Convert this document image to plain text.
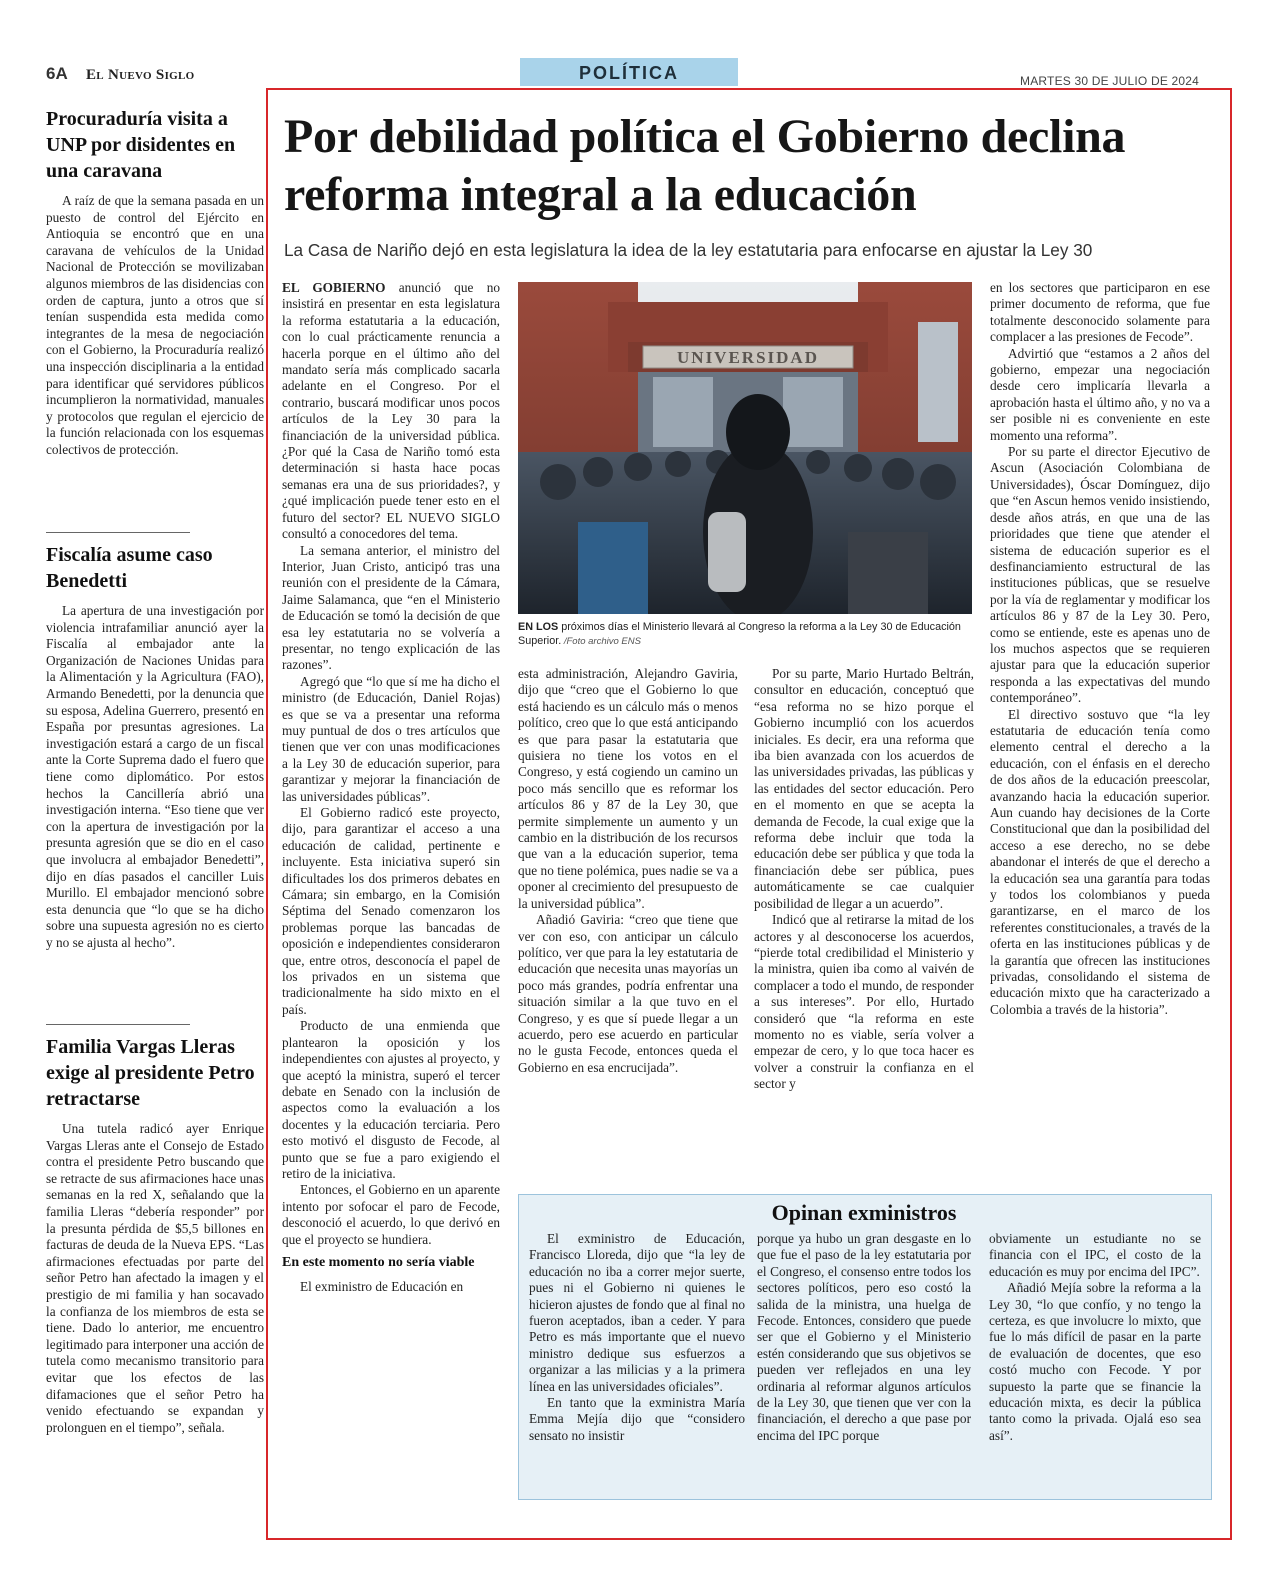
6A El Nuevo Siglo	POLÍTICA	MARTES 30 DE JULIO DE 2024
Procuraduría visita a UNP por disidentes en una caravana

A raíz de que la semana pasada en un puesto de control del Ejército en Antioquia se encontró que en una caravana de vehículos de la Unidad Nacional de Protección se movilizaban algunos miembros de las disidencias con orden de captura, junto a otros que sí tenían suspendida esta medida como integrantes de la mesa de negociación con el Gobierno, la Procuraduría realizó una inspección disciplinaria a la entidad para identificar qué servidores públicos incumplieron la normatividad, manuales y protocolos que regulan el ejercicio de la función relacionada con los esquemas colectivos de protección.

Fiscalía asume caso Benedetti

La apertura de una investigación por violencia intrafamiliar anunció ayer la Fiscalía al embajador ante la Organización de Naciones Unidas para la Alimentación y la Agricultura (FAO), Armando Benedetti, por la denuncia que su esposa, Adelina Guerrero, presentó en España por presuntas agresiones. La investigación estará a cargo de un fiscal ante la Corte Suprema dado el fuero que tiene como diplomático. Por estos hechos la Cancillería abrió una investigación interna. “Eso tiene que ver con la apertura de investigación por la presunta agresión que se dio en el caso que involucra al embajador Benedetti”, dijo en días pasados el canciller Luis Murillo. El embajador mencionó sobre esta denuncia que “lo que se ha dicho sobre una supuesta agresión no es cierto y no se ajusta al hecho”.

Familia Vargas Lleras exige al presidente Petro retractarse

Una tutela radicó ayer Enrique Vargas Lleras ante el Consejo de Estado contra el presidente Petro buscando que se retracte de sus afirmaciones hace unas semanas en la red X, señalando que la familia Lleras “debería responder” por la presunta pérdida de $5,5 billones en facturas de deuda de la Nueva EPS. “Las afirmaciones efectuadas por parte del señor Petro han afectado la imagen y el prestigio de mi familia y han socavado la confianza de los miembros de esta se tiene. Dado lo anterior, me encuentro legitimado para interponer una acción de tutela como mecanismo transitorio para evitar que los efectos de las difamaciones que el señor Petro ha venido efectuando se expandan y prolonguen en el tiempo”, señala.

Por debilidad política el Gobierno declina reforma integral a la educación

La Casa de Nariño dejó en esta legislatura la idea de la ley estatutaria para enfocarse en ajustar la Ley 30

EL GOBIERNO anunció que no insistirá en presentar en esta legislatura la reforma estatutaria a la educación, con lo cual prácticamente renuncia a hacerla porque en el último año del mandato sería más complicado sacarla adelante en el Congreso. Por el contrario, buscará modificar unos pocos artículos de la Ley 30 para la financiación de la universidad pública. ¿Por qué la Casa de Nariño tomó esta determinación si hasta hace pocas semanas era una de sus prioridades?, y ¿qué implicación puede tener esto en el futuro del sector? EL NUEVO SIGLO consultó a conocedores del tema.

La semana anterior, el ministro del Interior, Juan Cristo, anticipó tras una reunión con el presidente de la Cámara, Jaime Salamanca, que “en el Ministerio de Educación se tomó la decisión de que esa ley estatutaria no se volvería a presentar, no tengo explicación de las razones”.

Agregó que “lo que sí me ha dicho el ministro (de Educación, Daniel Rojas) es que se va a presentar una reforma muy puntual de dos o tres artículos que tienen que ver con unas modificaciones a la Ley 30 de educación superior, para garantizar y mejorar la financiación de las universidades públicas”.

El Gobierno radicó este proyecto, dijo, para garantizar el acceso a una educación de calidad, pertinente e incluyente. Esta iniciativa superó sin dificultades los dos primeros debates en Cámara; sin embargo, en la Comisión Séptima del Senado comenzaron los problemas porque las bancadas de oposición e independientes consideraron que, entre otros, desconocía el papel de los privados en un sistema que tradicionalmente ha sido mixto en el país.

Producto de una enmienda que plantearon la oposición y los independientes con ajustes al proyecto, y que aceptó la ministra, superó el tercer debate en Senado con la inclusión de aspectos como la evaluación a los docentes y la educación terciaria. Pero esto motivó el disgusto de Fecode, al punto que se fue a paro exigiendo el retiro de la iniciativa.

Entonces, el Gobierno en un aparente intento por sofocar el paro de Fecode, desconoció el acuerdo, lo que derivó en que el proyecto se hundiera.

En este momento no sería viable

El exministro de Educación en

UNIVERSIDAD
EN LOS próximos días el Ministerio llevará al Congreso la reforma a la Ley 30 de Educación Superior. /Foto archivo ENS

esta administración, Alejandro Gaviria, dijo que “creo que el Gobierno lo que está haciendo es un cálculo más o menos político, creo que lo que está anticipando es que para pasar la estatutaria que quisiera no tiene los votos en el Congreso, y está cogiendo un camino un poco más sencillo que es reformar los artículos 86 y 87 de la Ley 30, que permite simplemente un aumento y un cambio en la distribución de los recursos que van a la educación superior, tema que no tiene polémica, pues nadie se va a oponer al crecimiento del presupuesto de la universidad pública”.

Añadió Gaviria: “creo que tiene que ver con eso, con anticipar un cálculo político, ver que para la ley estatutaria de educación que necesita unas mayorías un poco más grandes, podría enfrentar una situación similar a la que tuvo en el Congreso, y es que sí puede llegar a un acuerdo, pero ese acuerdo en particular no le gusta Fecode, entonces queda el Gobierno en esa encrucijada”.

Por su parte, Mario Hurtado Beltrán, consultor en educación, conceptuó que “esa reforma no se hizo porque el Gobierno incumplió con los acuerdos iniciales. Es decir, era una reforma que iba bien avanzada con los acuerdos de las universidades privadas, las públicas y las entidades del sector educación. Pero en el momento en que se acepta la demanda de Fecode, la cual exige que la reforma debe incluir que toda la educación debe ser pública y que toda la financiación debe ser pública, pues automáticamente se cae cualquier posibilidad de llegar a un acuerdo”.

Indicó que al retirarse la mitad de los actores y al desconocerse los acuerdos, “pierde total credibilidad el Ministerio y la ministra, quien iba como al vaivén de complacer a todo el mundo, de responder a sus intereses”. Por ello, Hurtado consideró que “la reforma en este momento no es viable, sería volver a empezar de cero, y lo que toca hacer es volver a construir la confianza en el sector y

en los sectores que participaron en ese primer documento de reforma, que fue totalmente desconocido solamente para complacer a las presiones de Fecode”.

Advirtió que “estamos a 2 años del gobierno, empezar una negociación desde cero implicaría llevarla a aprobación hasta el último año, y no va a ser posible ni es conveniente en este momento una reforma”.

Por su parte el director Ejecutivo de Ascun (Asociación Colombiana de Universidades), Óscar Domínguez, dijo que “en Ascun hemos venido insistiendo, desde años atrás, en que una de las prioridades que tiene que atender el sistema de educación superior es el desfinanciamiento estructural de las instituciones públicas, que se resuelve por la vía de reglamentar y modificar los artículos 86 y 87 de la Ley 30. Pero, como se entiende, este es apenas uno de los muchos aspectos que se requieren ajustar para que la educación superior responda a las expectativas del mundo contemporáneo”.

El directivo sostuvo que “la ley estatutaria de educación tenía como elemento central el derecho a la educación, con el énfasis en el derecho de dos años de la educación preescolar, avanzando hacia la educación superior. Aun cuando hay decisiones de la Corte Constitucional que dan la posibilidad del acceso a ese derecho, no se debe abandonar el interés de que el derecho a la educación sea una garantía para todas y todos los colombianos y pueda garantizarse, en el marco de los referentes constitucionales, a través de la oferta en las instituciones públicas y de la garantía que ofrecen las instituciones privadas, consolidando el sistema de educación mixto que ha caracterizado a Colombia a través de la historia”.

El exministro de Educación, Francisco Lloreda, dijo que “la ley de educación no iba a correr mejor suerte, pues ni el Gobierno ni quienes le hicieron ajustes de fondo que al final no fueron aceptados, iban a ceder. Y para Petro es más importante que el nuevo ministro dedique sus esfuerzos a organizar a las milicias y a la primera línea en las universidades oficiales”.

En tanto que la exministra María Emma Mejía dijo que “considero sensato no insistir

porque ya hubo un gran desgaste en lo que fue el paso de la ley estatutaria por el Congreso, el consenso entre todos los sectores políticos, pero eso costó la salida de la ministra, una huelga de Fecode. Entonces, considero que puede ser que el Gobierno y el Ministerio estén considerando que sus objetivos se pueden ver reflejados en una ley ordinaria al reformar algunos artículos de la Ley 30, que tienen que ver con la financiación, el derecho a que pase por encima del IPC porque

obviamente un estudiante no se financia con el IPC, el costo de la educación es muy por encima del IPC”.

Añadió Mejía sobre la reforma a la Ley 30, “lo que confío, y no tengo la certeza, es que involucre lo mixto, que fue lo más difícil de pasar en la parte de evaluación de docentes, que eso costó mucho con Fecode. Y por supuesto la parte que se financie la educación mixta, es decir la pública tanto como la privada. Ojalá eso sea así”.

Opinan exministros
